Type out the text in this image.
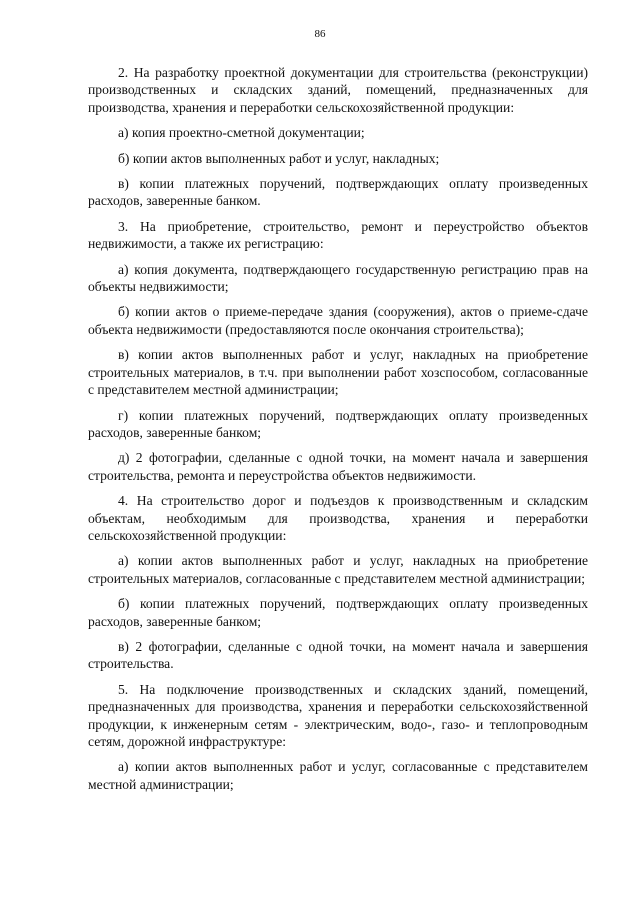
86

2. На разработку проектной документации для строительства (реконструкции) производственных и складских зданий, помещений, предназначенных для производства, хранения и переработки сельскохозяйственной продукции:

а) копия проектно-сметной документации;

б) копии актов выполненных работ и услуг, накладных;

в) копии платежных поручений, подтверждающих оплату произведенных расходов, заверенные банком.

3. На приобретение, строительство, ремонт и переустройство объектов недвижимости, а также их регистрацию:

а) копия документа, подтверждающего государственную регистрацию прав на объекты недвижимости;

б) копии актов о приеме-передаче здания (сооружения), актов о приеме-сдаче объекта недвижимости (предоставляются после окончания строительства);

в) копии актов выполненных работ и услуг, накладных на приобретение строительных материалов, в т.ч. при выполнении работ хозспособом, согласованные с представителем местной администрации;

г) копии платежных поручений, подтверждающих оплату произведенных расходов, заверенные банком;

д) 2 фотографии, сделанные с одной точки, на момент начала и завершения строительства, ремонта и переустройства объектов недвижимости.

4. На строительство дорог и подъездов к производственным и складским объектам, необходимым для производства, хранения и переработки сельскохозяйственной продукции:

а) копии актов выполненных работ и услуг, накладных на приобретение строительных материалов, согласованные с представителем местной администрации;

б) копии платежных поручений, подтверждающих оплату произведенных расходов, заверенные банком;

в) 2 фотографии, сделанные с одной точки, на момент начала и завершения строительства.

5. На подключение производственных и складских зданий, помещений, предназначенных для производства, хранения и переработки сельскохозяйственной продукции, к инженерным сетям - электрическим, водо-, газо- и теплопроводным сетям, дорожной инфраструктуре:

а) копии актов выполненных работ и услуг, согласованные с представителем местной администрации;
